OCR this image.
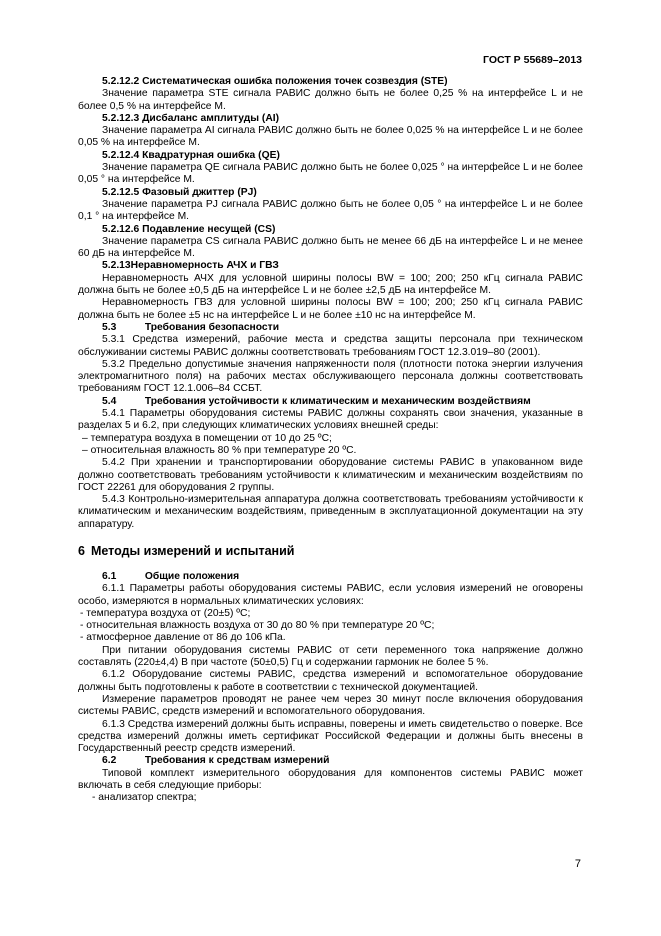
ГОСТ Р 55689–2013

5.2.12.2 Систематическая ошибка положения точек созвездия (STE)

Значение параметра STE сигнала РАВИС должно быть не более 0,25 % на интерфейсе L и не более 0,5 % на интерфейсе М.

5.2.12.3 Дисбаланс амплитуды (AI)

Значение параметра AI сигнала РАВИС должно быть не более 0,025 % на интерфейсе L и не более 0,05 % на интерфейсе М.

5.2.12.4 Квадратурная ошибка (QE)

Значение параметра QE сигнала РАВИС должно быть не более 0,025 ° на интерфейсе L и не более 0,05 ° на интерфейсе М.

5.2.12.5 Фазовый джиттер (PJ)

Значение параметра PJ сигнала РАВИС должно быть не более 0,05 ° на интерфейсе L и не более 0,1 ° на интерфейсе М.

5.2.12.6 Подавление несущей (CS)

Значение параметра CS сигнала РАВИС должно быть не менее 66 дБ на интерфейсе L и не менее 60 дБ на интерфейсе М.

5.2.13Неравномерность АЧХ и ГВЗ

Неравномерность АЧХ для условной ширины полосы BW = 100; 200; 250 кГц сигнала РАВИС должна быть не более ±0,5 дБ на интерфейсе L и не более ±2,5 дБ на интерфейсе М.

Неравномерность ГВЗ для условной ширины полосы BW = 100; 200; 250 кГц сигнала РАВИС должна быть не более ±5 нс на интерфейсе L и не более ±10 нс на интерфейсе М.

5.3	Требования безопасности

5.3.1 Средства измерений, рабочие места и средства защиты персонала при техническом обслуживании системы РАВИС должны соответствовать требованиям ГОСТ 12.3.019–80 (2001).

5.3.2 Предельно допустимые значения напряженности поля (плотности потока энергии излучения электромагнитного поля) на рабочих местах обслуживающего персонала должны соответствовать требованиям ГОСТ 12.1.006–84 ССБТ.

5.4	Требования устойчивости к климатическим и механическим воздействиям

5.4.1 Параметры оборудования системы РАВИС должны сохранять свои значения, указанные в разделах 5 и 6.2, при следующих климатических условиях внешней среды:

– температура воздуха в помещении от 10 до 25 ºС;

– относительная влажность 80 % при температуре 20 ºС.

5.4.2 При хранении и транспортировании оборудование системы РАВИС в упакованном виде должно соответствовать требованиям устойчивости к климатическим и механическим воздействиям по ГОСТ 22261 для оборудования 2 группы.

5.4.3 Контрольно-измерительная аппаратура должна соответствовать требованиям устойчивости к климатическим и механическим воздействиям, приведенным в эксплуатационной документации на эту аппаратуру.

6 Методы измерений и испытаний

6.1	Общие положения

6.1.1 Параметры работы оборудования системы РАВИС, если условия измерений не оговорены особо, измеряются в нормальных климатических условиях:

- температура воздуха от (20±5) ºС;

- относительная влажность воздуха от 30 до 80 % при температуре 20 ºС;

- атмосферное давление от 86 до 106 кПа.

При питании оборудования системы РАВИС от сети переменного тока напряжение должно составлять (220±4,4) В при частоте (50±0,5) Гц и содержании гармоник не более 5 %.

6.1.2 Оборудование системы РАВИС, средства измерений и вспомогательное оборудование должны быть подготовлены к работе в соответствии с технической документацией.

Измерение параметров проводят не ранее чем через 30 минут после включения оборудования системы РАВИС, средств измерений и вспомогательного оборудования.

6.1.3 Средства измерений должны быть исправны, поверены и иметь свидетельство о поверке. Все средства измерений должны иметь сертификат Российской Федерации и должны быть внесены в Государственный реестр средств измерений.

6.2	Требования к средствам измерений

Типовой комплект измерительного оборудования для компонентов системы РАВИС может включать в себя следующие приборы:

- анализатор спектра;

7
